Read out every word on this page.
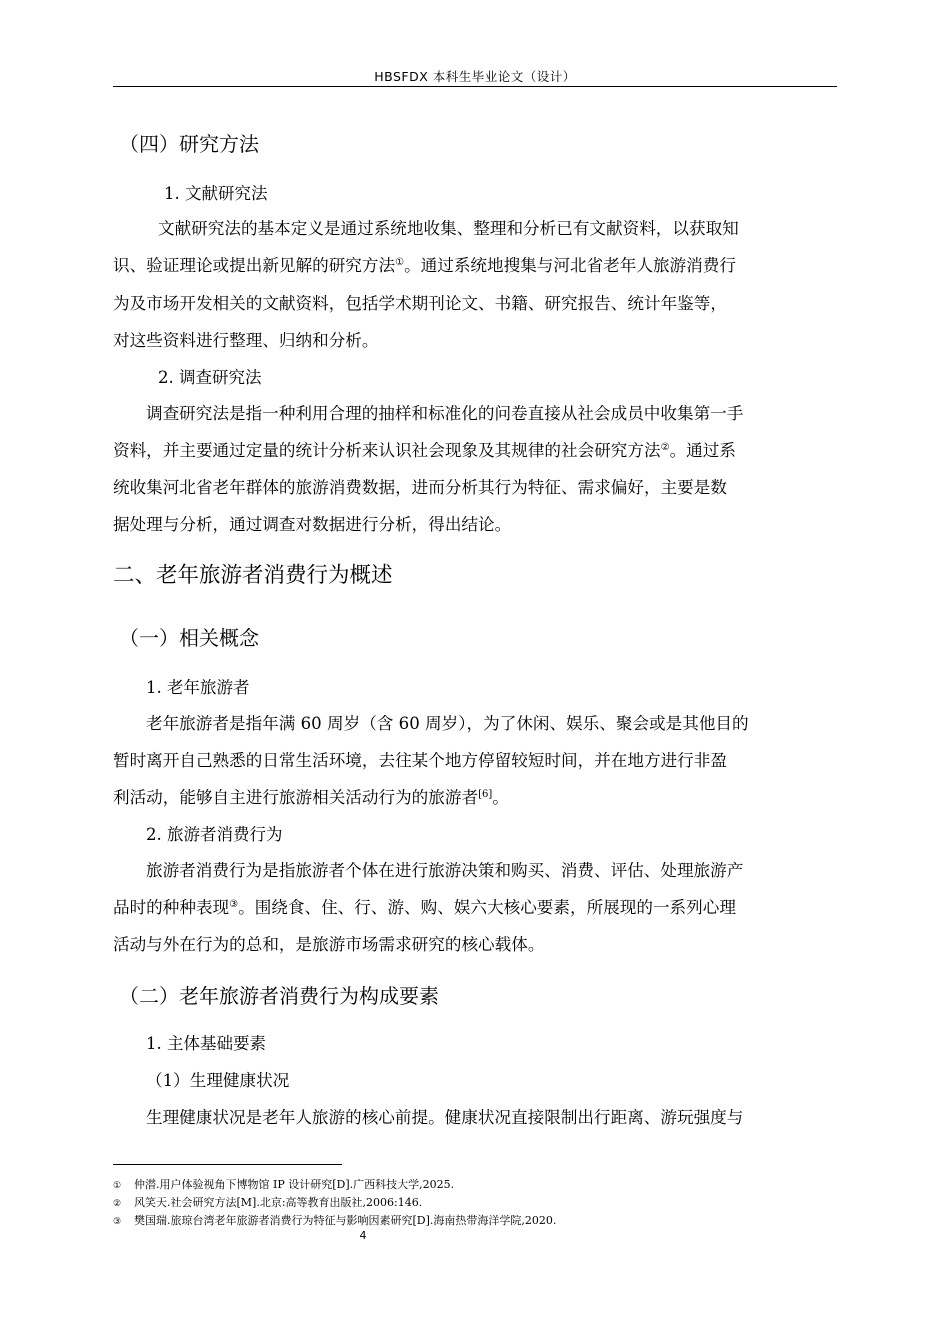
HBSFDX 本科生毕业论文（设计）
（四）研究方法
1. 文献研究法
文献研究法的基本定义是通过系统地收集、整理和分析已有文献资料，以获取知
识、验证理论或提出新见解的研究方法①。通过系统地搜集与河北省老年人旅游消费行
为及市场开发相关的文献资料，包括学术期刊论文、书籍、研究报告、统计年鉴等，
对这些资料进行整理、归纳和分析。
2. 调查研究法
调查研究法是指一种利用合理的抽样和标准化的问卷直接从社会成员中收集第一手
资料，并主要通过定量的统计分析来认识社会现象及其规律的社会研究方法②。通过系
统收集河北省老年群体的旅游消费数据，进而分析其行为特征、需求偏好，主要是数
据处理与分析，通过调查对数据进行分析，得出结论。
二、老年旅游者消费行为概述
（一）相关概念
1. 老年旅游者
老年旅游者是指年满 60 周岁（含 60 周岁），为了休闲、娱乐、聚会或是其他目的
暂时离开自己熟悉的日常生活环境，去往某个地方停留较短时间，并在地方进行非盈
利活动，能够自主进行旅游相关活动行为的旅游者[6]。
2. 旅游者消费行为
旅游者消费行为是指旅游者个体在进行旅游决策和购买、消费、评估、处理旅游产
品时的种种表现③。围绕食、住、行、游、购、娱六大核心要素，所展现的一系列心理
活动与外在行为的总和，是旅游市场需求研究的核心载体。
（二）老年旅游者消费行为构成要素
1. 主体基础要素
（1）生理健康状况
生理健康状况是老年人旅游的核心前提。健康状况直接限制出行距离、游玩强度与
① 仲潜.用户体验视角下博物馆 IP 设计研究[D].广西科技大学,2025.
② 风笑天.社会研究方法[M].北京:高等教育出版社,2006:146.
③ 樊国瑞.旅琼台湾老年旅游者消费行为特征与影响因素研究[D].海南热带海洋学院,2020.
4
